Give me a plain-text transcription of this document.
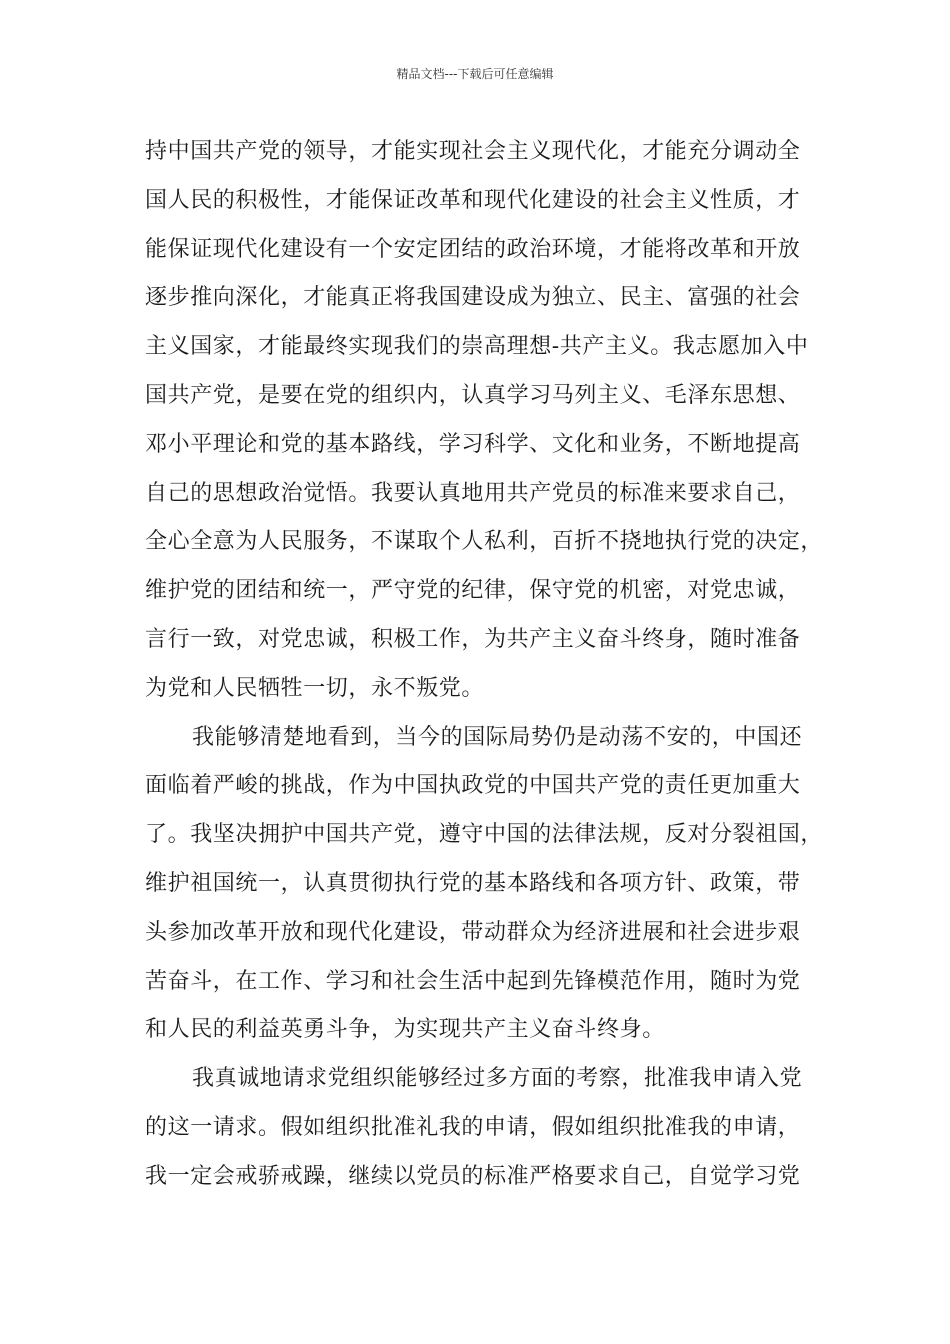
精品文档---下载后可任意编辑
持中国共产党的领导，才能实现社会主义现代化，才能充分调动全
国人民的积极性，才能保证改革和现代化建设的社会主义性质，才
能保证现代化建设有一个安定团结的政治环境，才能将改革和开放
逐步推向深化，才能真正将我国建设成为独立、民主、富强的社会
主义国家，才能最终实现我们的崇高理想-共产主义。我志愿加入中
国共产党，是要在党的组织内，认真学习马列主义、毛泽东思想、
邓小平理论和党的基本路线，学习科学、文化和业务，不断地提高
自己的思想政治觉悟。我要认真地用共产党员的标准来要求自己，
全心全意为人民服务，不谋取个人私利，百折不挠地执行党的决定，
维护党的团结和统一，严守党的纪律，保守党的机密，对党忠诚，
言行一致，对党忠诚，积极工作，为共产主义奋斗终身，随时准备
为党和人民牺牲一切，永不叛党。
我能够清楚地看到，当今的国际局势仍是动荡不安的，中国还
面临着严峻的挑战，作为中国执政党的中国共产党的责任更加重大
了。我坚决拥护中国共产党，遵守中国的法律法规，反对分裂祖国，
维护祖国统一，认真贯彻执行党的基本路线和各项方针、政策，带
头参加改革开放和现代化建设，带动群众为经济进展和社会进步艰
苦奋斗，在工作、学习和社会生活中起到先锋模范作用，随时为党
和人民的利益英勇斗争，为实现共产主义奋斗终身。
我真诚地请求党组织能够经过多方面的考察，批准我申请入党
的这一请求。假如组织批准礼我的申请，假如组织批准我的申请，
我一定会戒骄戒躁，继续以党员的标准严格要求自己，自觉学习党
